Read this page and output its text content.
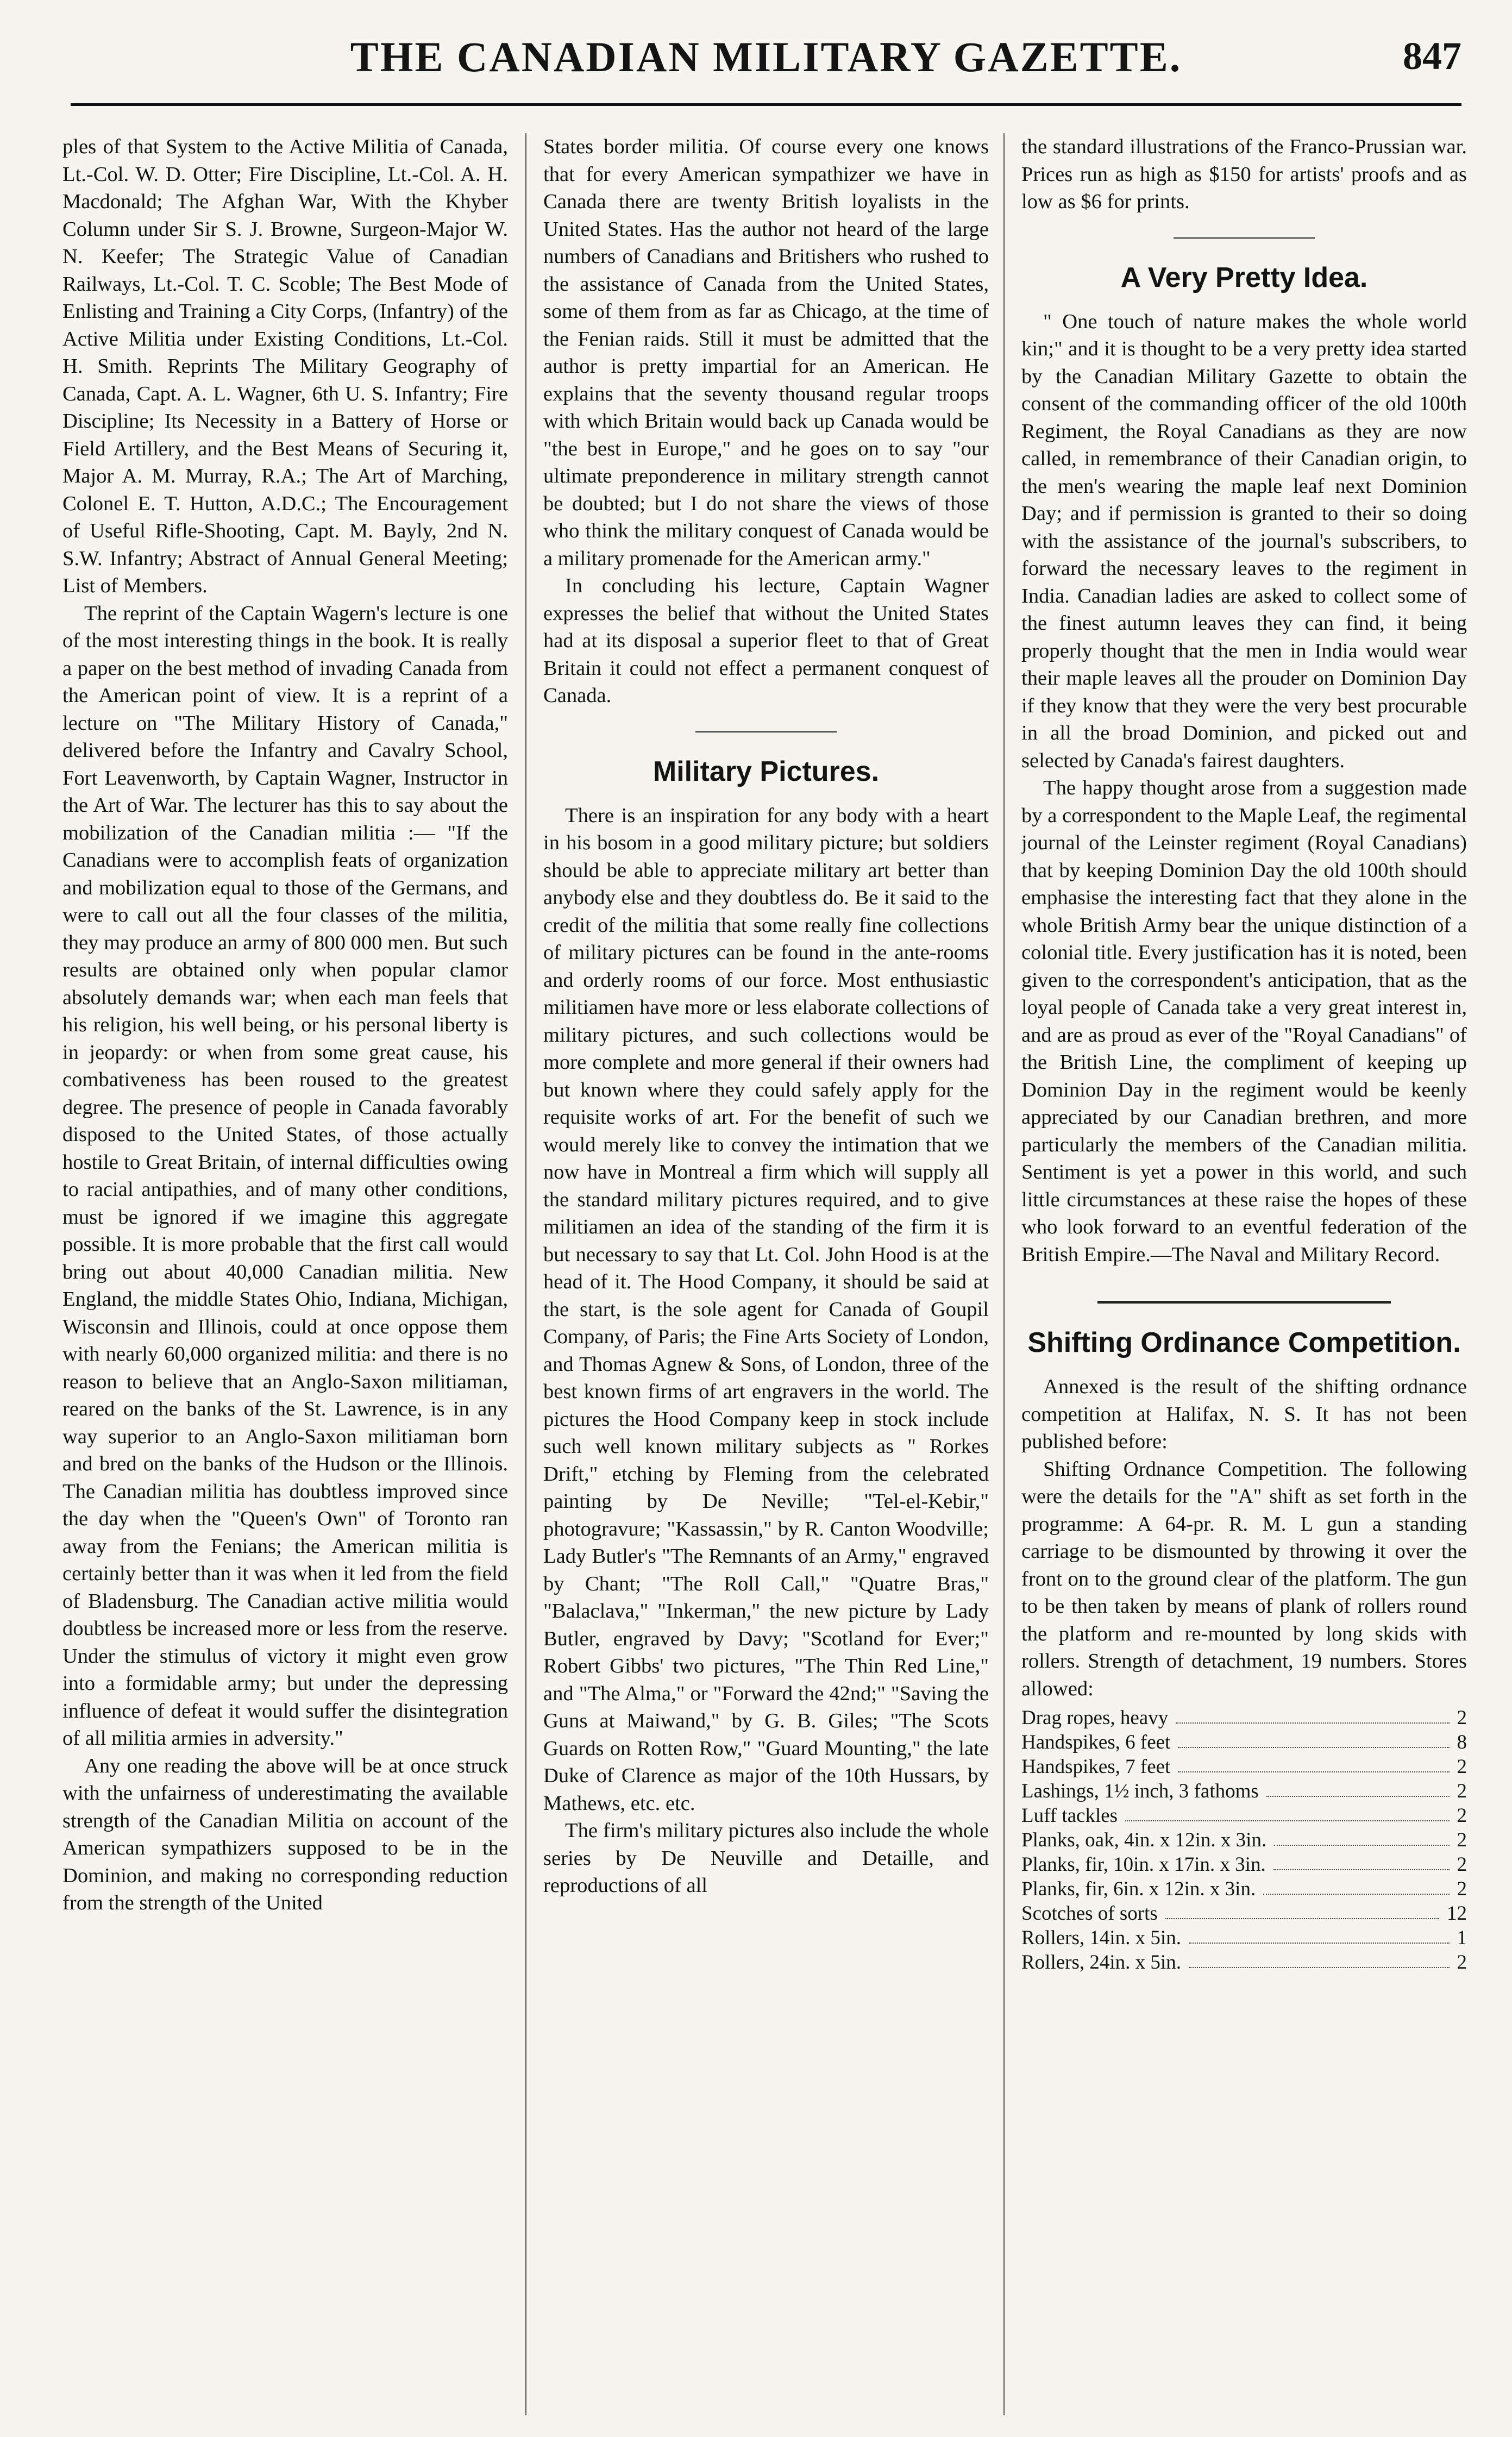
THE CANADIAN MILITARY GAZETTE.	847

ples of that System to the Active Militia of Canada, Lt.-Col. W. D. Otter; Fire Discipline, Lt.-Col. A. H. Macdonald; The Afghan War, With the Khyber Column under Sir S. J. Browne, Surgeon-Major W. N. Keefer; The Strategic Value of Canadian Railways, Lt.-Col. T. C. Scoble; The Best Mode of Enlisting and Training a City Corps, (Infantry) of the Active Militia under Existing Conditions, Lt.-Col. H. Smith. Reprints The Military Geography of Canada, Capt. A. L. Wagner, 6th U. S. Infantry; Fire Discipline; Its Necessity in a Battery of Horse or Field Artillery, and the Best Means of Securing it, Major A. M. Murray, R.A.; The Art of Marching, Colonel E. T. Hutton, A.D.C.; The Encouragement of Useful Rifle-Shooting, Capt. M. Bayly, 2nd N. S.W. Infantry; Abstract of Annual General Meeting; List of Members.

The reprint of the Captain Wagern's lecture is one of the most interesting things in the book. It is really a paper on the best method of invading Canada from the American point of view. It is a reprint of a lecture on "The Military History of Canada," delivered before the Infantry and Cavalry School, Fort Leavenworth, by Captain Wagner, Instructor in the Art of War. The lecturer has this to say about the mobilization of the Canadian militia :— "If the Canadians were to accomplish feats of organization and mobilization equal to those of the Germans, and were to call out all the four classes of the militia, they may produce an army of 800 000 men. But such results are obtained only when popular clamor absolutely demands war; when each man feels that his religion, his well being, or his personal liberty is in jeopardy: or when from some great cause, his combativeness has been roused to the greatest degree. The presence of people in Canada favorably disposed to the United States, of those actually hostile to Great Britain, of internal difficulties owing to racial antipathies, and of many other conditions, must be ignored if we imagine this aggregate possible. It is more probable that the first call would bring out about 40,000 Canadian militia. New England, the middle States Ohio, Indiana, Michigan, Wisconsin and Illinois, could at once oppose them with nearly 60,000 organized militia: and there is no reason to believe that an Anglo-Saxon militiaman, reared on the banks of the St. Lawrence, is in any way superior to an Anglo-Saxon militiaman born and bred on the banks of the Hudson or the Illinois. The Canadian militia has doubtless improved since the day when the "Queen's Own" of Toronto ran away from the Fenians; the American militia is certainly better than it was when it led from the field of Bladensburg. The Canadian active militia would doubtless be increased more or less from the reserve. Under the stimulus of victory it might even grow into a formidable army; but under the depressing influence of defeat it would suffer the disintegration of all militia armies in adversity."

Any one reading the above will be at once struck with the unfairness of underestimating the available strength of the Canadian Militia on account of the American sympathizers supposed to be in the Dominion, and making no corresponding reduction from the strength of the United

States border militia. Of course every one knows that for every American sympathizer we have in Canada there are twenty British loyalists in the United States. Has the author not heard of the large numbers of Canadians and Britishers who rushed to the assistance of Canada from the United States, some of them from as far as Chicago, at the time of the Fenian raids. Still it must be admitted that the author is pretty impartial for an American. He explains that the seventy thousand regular troops with which Britain would back up Canada would be "the best in Europe," and he goes on to say "our ultimate preponderence in military strength cannot be doubted; but I do not share the views of those who think the military conquest of Canada would be a military promenade for the American army."

In concluding his lecture, Captain Wagner expresses the belief that without the United States had at its disposal a superior fleet to that of Great Britain it could not effect a permanent conquest of Canada.

Military Pictures.

There is an inspiration for any body with a heart in his bosom in a good military picture; but soldiers should be able to appreciate military art better than anybody else and they doubtless do. Be it said to the credit of the militia that some really fine collections of military pictures can be found in the ante-rooms and orderly rooms of our force. Most enthusiastic militiamen have more or less elaborate collections of military pictures, and such collections would be more complete and more general if their owners had but known where they could safely apply for the requisite works of art. For the benefit of such we would merely like to convey the intimation that we now have in Montreal a firm which will supply all the standard military pictures required, and to give militiamen an idea of the standing of the firm it is but necessary to say that Lt. Col. John Hood is at the head of it. The Hood Company, it should be said at the start, is the sole agent for Canada of Goupil Company, of Paris; the Fine Arts Society of London, and Thomas Agnew & Sons, of London, three of the best known firms of art engravers in the world. The pictures the Hood Company keep in stock include such well known military subjects as " Rorkes Drift," etching by Fleming from the celebrated painting by De Neville; "Tel-el-Kebir," photogravure; "Kassassin," by R. Canton Woodville; Lady Butler's "The Remnants of an Army," engraved by Chant; "The Roll Call," "Quatre Bras," "Balaclava," "Inkerman," the new picture by Lady Butler, engraved by Davy; "Scotland for Ever;" Robert Gibbs' two pictures, "The Thin Red Line," and "The Alma," or "Forward the 42nd;" "Saving the Guns at Maiwand," by G. B. Giles; "The Scots Guards on Rotten Row," "Guard Mounting," the late Duke of Clarence as major of the 10th Hussars, by Mathews, etc. etc.

The firm's military pictures also include the whole series by De Neuville and Detaille, and reproductions of all

the standard illustrations of the Franco-Prussian war. Prices run as high as $150 for artists' proofs and as low as $6 for prints.

A Very Pretty Idea.

" One touch of nature makes the whole world kin;" and it is thought to be a very pretty idea started by the Canadian Military Gazette to obtain the consent of the commanding officer of the old 100th Regiment, the Royal Canadians as they are now called, in remembrance of their Canadian origin, to the men's wearing the maple leaf next Dominion Day; and if permission is granted to their so doing with the assistance of the journal's subscribers, to forward the necessary leaves to the regiment in India. Canadian ladies are asked to collect some of the finest autumn leaves they can find, it being properly thought that the men in India would wear their maple leaves all the prouder on Dominion Day if they know that they were the very best procurable in all the broad Dominion, and picked out and selected by Canada's fairest daughters.

The happy thought arose from a suggestion made by a correspondent to the Maple Leaf, the regimental journal of the Leinster regiment (Royal Canadians) that by keeping Dominion Day the old 100th should emphasise the interesting fact that they alone in the whole British Army bear the unique distinction of a colonial title. Every justification has it is noted, been given to the correspondent's anticipation, that as the loyal people of Canada take a very great interest in, and are as proud as ever of the "Royal Canadians" of the British Line, the compliment of keeping up Dominion Day in the regiment would be keenly appreciated by our Canadian brethren, and more particularly the members of the Canadian militia. Sentiment is yet a power in this world, and such little circumstances at these raise the hopes of these who look forward to an eventful federation of the British Empire.—The Naval and Military Record.

Shifting Ordinance Competition.

Annexed is the result of the shifting ordnance competition at Halifax, N. S. It has not been published before:

Shifting Ordnance Competition. The following were the details for the "A" shift as set forth in the programme: A 64-pr. R. M. L gun a standing carriage to be dismounted by throwing it over the front on to the ground clear of the platform. The gun to be then taken by means of plank of rollers round the platform and re-mounted by long skids with rollers. Strength of detachment, 19 numbers. Stores allowed:

Drag ropes, heavy	2
Handspikes, 6 feet	8
Handspikes, 7 feet	2
Lashings, 1½ inch, 3 fathoms	2
Luff tackles	2
Planks, oak, 4in. x 12in. x 3in.	2
Planks, fir, 10in. x 17in. x 3in.	2
Planks, fir, 6in. x 12in. x 3in.	2
Scotches of sorts	12
Rollers, 14in. x 5in.	1
Rollers, 24in. x 5in.	2
